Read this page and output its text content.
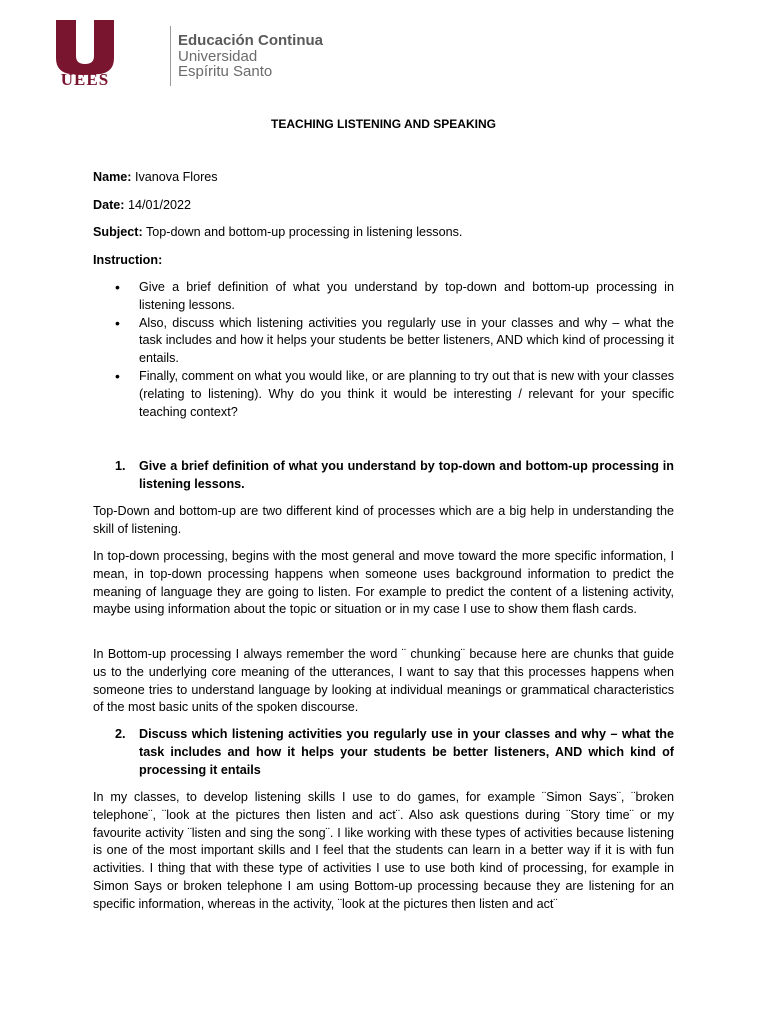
UEES
Educación Continua
Universidad
Espíritu Santo
TEACHING LISTENING AND SPEAKING
Name: Ivanova Flores
Date: 14/01/2022
Subject: Top-down and bottom-up processing in listening lessons.
Instruction:
• Give a brief definition of what you understand by top-down and bottom-up processing in listening lessons.
• Also, discuss which listening activities you regularly use in your classes and why – what the task includes and how it helps your students be better listeners, AND which kind of processing it entails.
• Finally, comment on what you would like, or are planning to try out that is new with your classes (relating to listening). Why do you think it would be interesting / relevant for your specific teaching context?
1.	Give a brief definition of what you understand by top-down and bottom-up processing in listening lessons.
Top-Down and bottom-up are two different kind of processes which are a big help in understanding the skill of listening.
In top-down processing, begins with the most general and move toward the more specific information, I mean, in top-down processing happens when someone uses background information to predict the meaning of language they are going to listen. For example to predict the content of a listening activity, maybe using information about the topic or situation or in my case I use to show them flash cards.
In Bottom-up processing I always remember the word ¨ chunking¨ because here are chunks that guide us to the underlying core meaning of the utterances, I want to say that this processes happens when someone tries to understand language by looking at individual meanings or grammatical characteristics of the most basic units of the spoken discourse.
2.	Discuss which listening activities you regularly use in your classes and why – what the task includes and how it helps your students be better listeners, AND which kind of processing it entails
In my classes, to develop listening skills I use to do games, for example ¨Simon Says¨, ¨broken telephone¨, ¨look at the pictures then listen and act¨. Also ask questions during ¨Story time¨ or my favourite activity ¨listen and sing the song¨. I like working with these types of activities because listening is one of the most important skills and I feel that the students can learn in a better way if it is with fun activities. I thing that with these type of activities I use to use both kind of processing, for example in Simon Says or broken telephone I am using Bottom-up processing because they are listening for an specific information, whereas in the activity, ¨look at the pictures then listen and act¨
